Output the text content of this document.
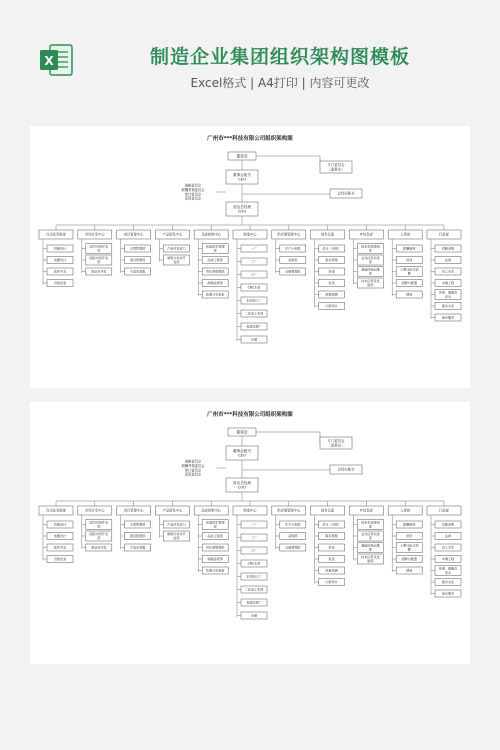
X	制造企业集团组织架构图模板
Excel格式 | A4打印 | 内容可更改
广州市***科技有限公司组织架构图
董事会
董事会秘书
CEO
营运总经理
COO
专门委员会
（监事会）
战略委员会
薪酬考核委员会
审计委员会
高管委员会
总经办秘书
自动化发展部
机械设计
电器设计
软件开发
设备安装
市场开发中心
国内市场开发
部
国际市场开发
部
商业务开发
项目管理中心
主管管理部
项目管理部
方案及客服
产品研发中心
产品开发部门
制程与技术开
发部
品质控制中心
质量体系管理
部
品质工程部
供应商管理部
制程品管部
检测与实验室
制造中心
一厂
二厂
三厂
CNC车间
车间加工厂
二区加工车间
表面处理厂
仓储
供应链管理中心
生产计划部
采购部
仓储管理部
财务总监
会计（出纳）
税务管理
资金
报表
预算预测
内部审计
IT信息部
信息系统规划
部
业务应用系统
部
基础设施运维
部
技术应用及发
展部
人事部
薪酬福利
培训
人事行政与招
聘
招聘与配置
绩效
行政部
后勤采购
法律
员工关系
车辆工程
环境、健康及
安全
服务关系
前台服务
广州市***科技有限公司组织架构图
董事会
董事会秘书
CEO
营运总经理
COO
专门委员会
（监事会）
战略委员会
薪酬考核委员会
审计委员会
高管委员会
总经办秘书
自动化发展部
机械设计
电器设计
软件开发
设备安装
市场开发中心
国内市场开发
部
国际市场开发
部
商业务开发
项目管理中心
主管管理部
项目管理部
方案及客服
产品研发中心
产品开发部门
制程与技术开
发部
品质控制中心
质量体系管理
部
品质工程部
供应商管理部
制程品管部
检测与实验室
制造中心
一厂
二厂
三厂
CNC车间
车间加工厂
二区加工车间
表面处理厂
仓储
供应链管理中心
生产计划部
采购部
仓储管理部
财务总监
会计（出纳）
税务管理
资金
报表
预算预测
内部审计
IT信息部
信息系统规划
部
业务应用系统
部
基础设施运维
部
技术应用及发
展部
人事部
薪酬福利
培训
人事行政与招
聘
招聘与配置
绩效
行政部
后勤采购
法律
员工关系
车辆工程
环境、健康及
安全
服务关系
前台服务
